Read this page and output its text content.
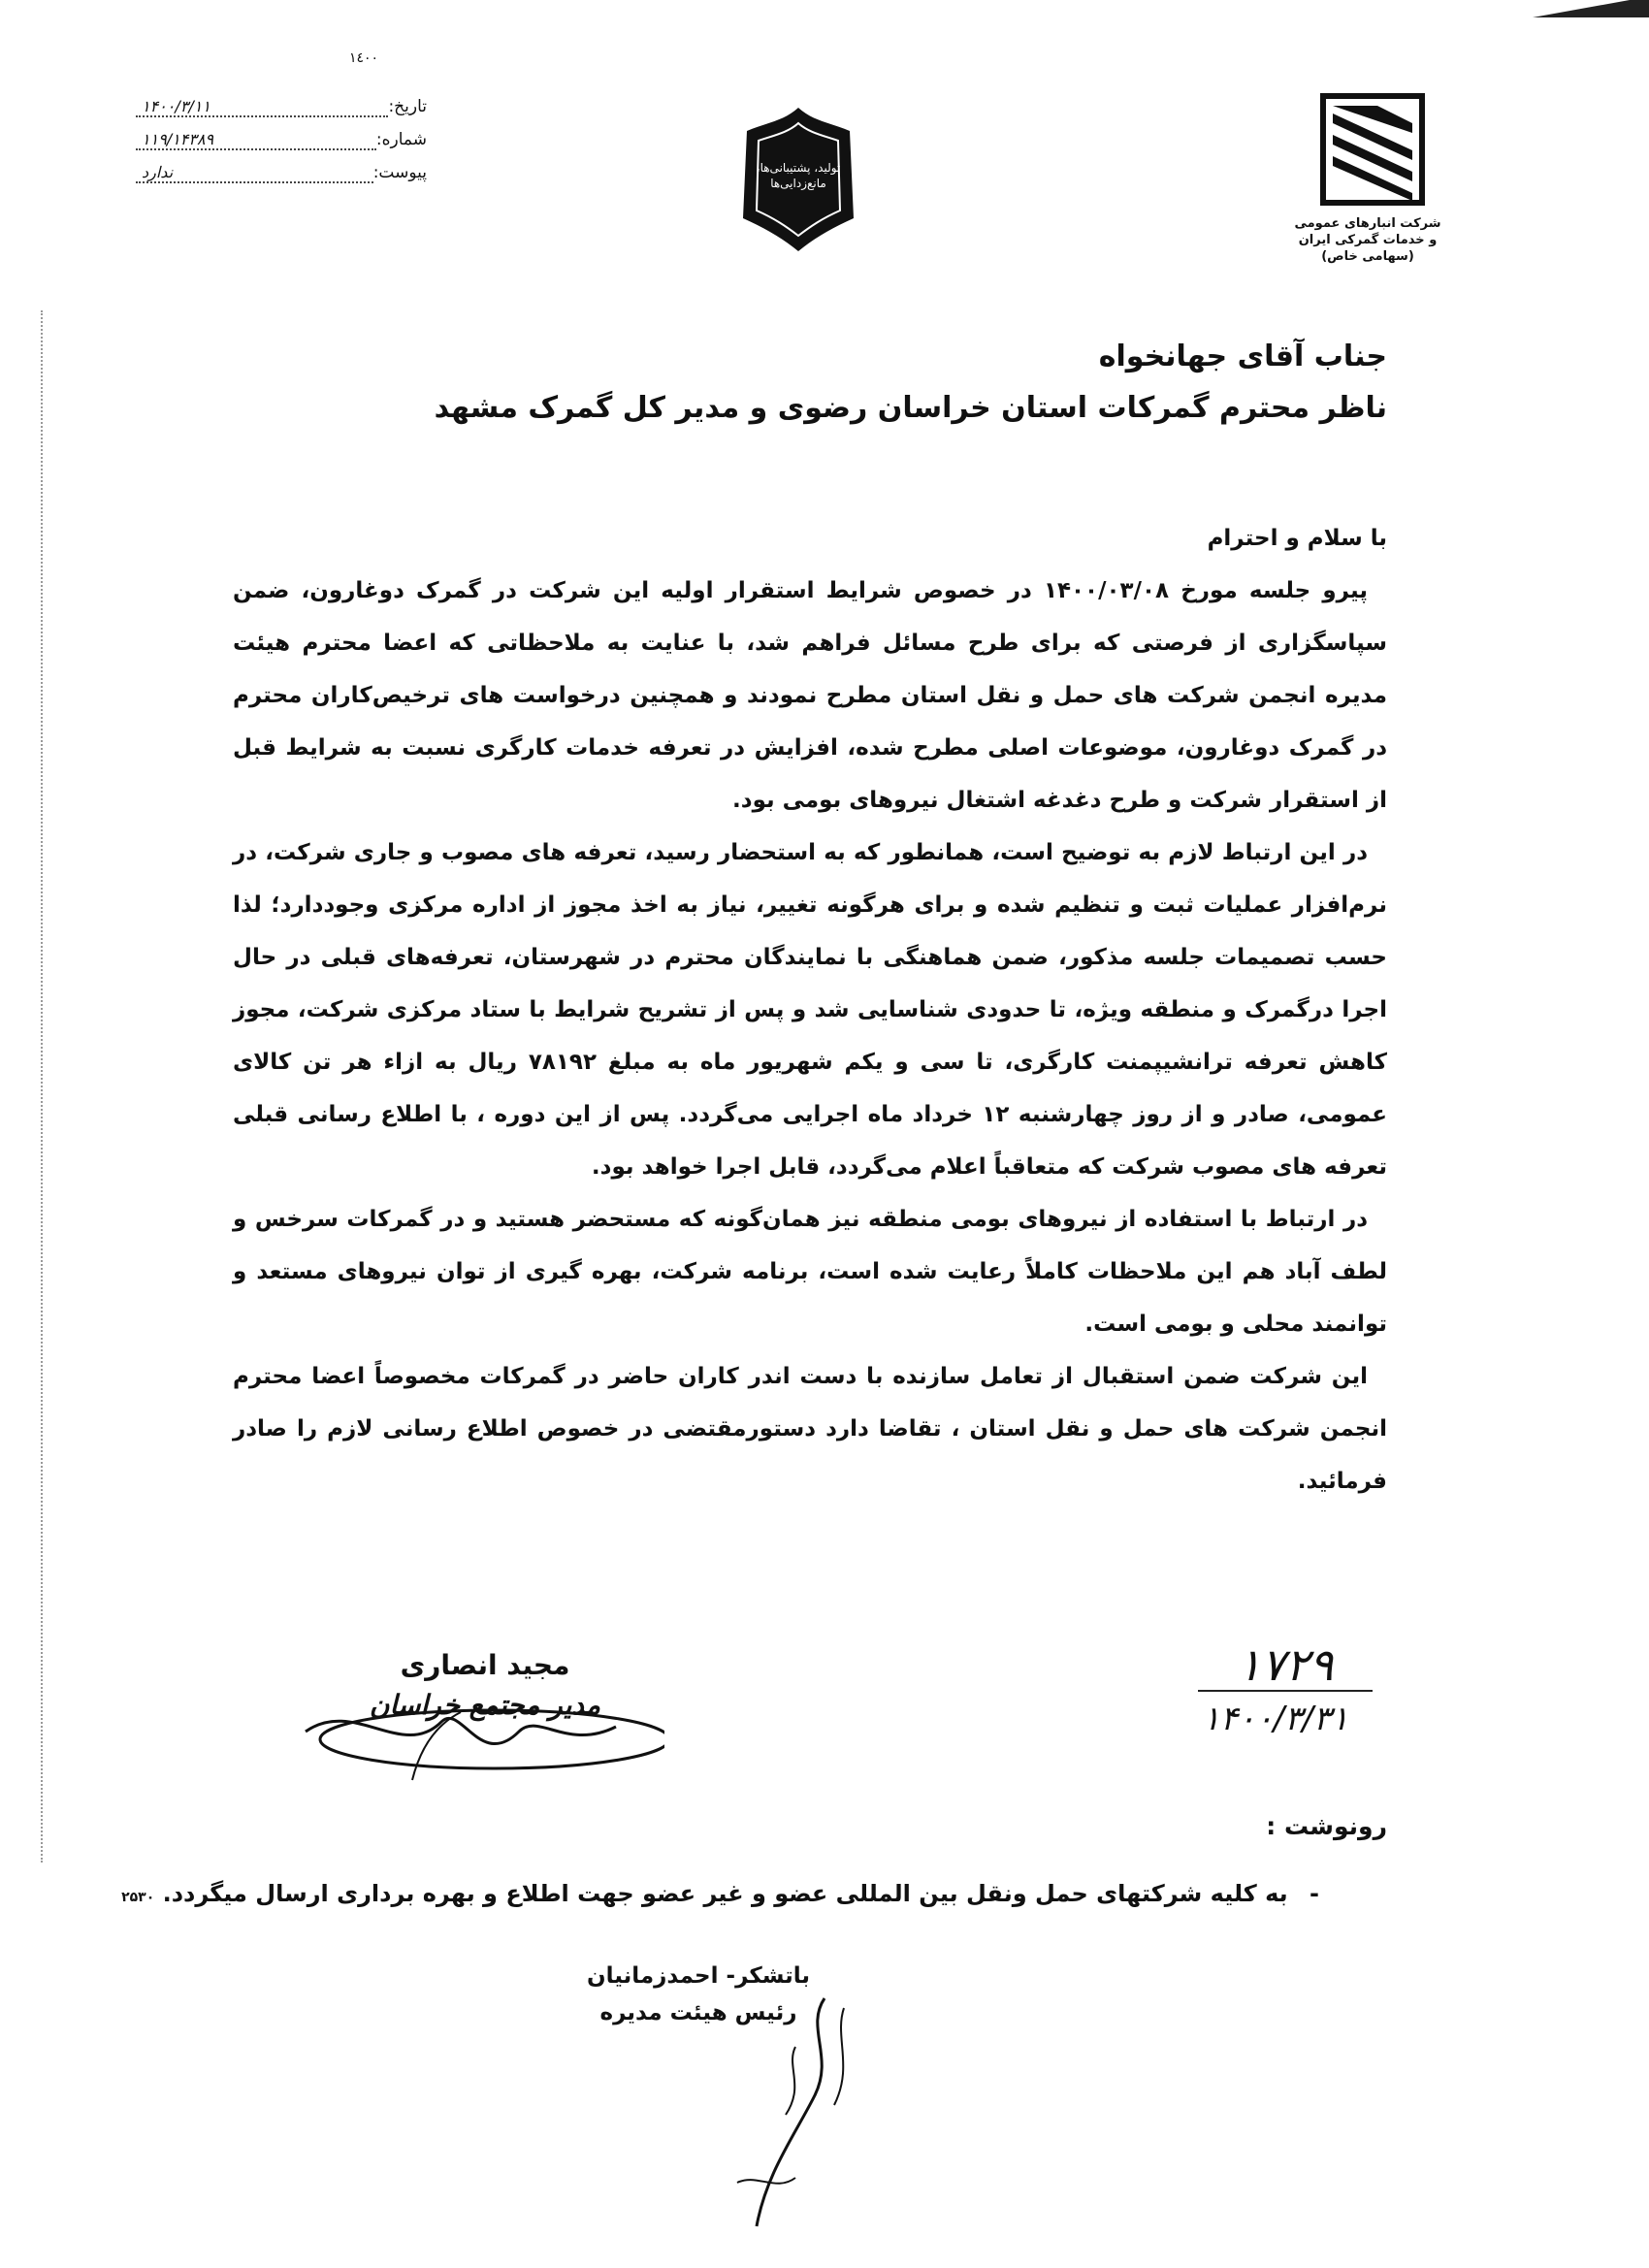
١٤٠٠
شرکت انبارهای عمومی و خدمات گمرکی ایران (سهامی خاص)
تولید، پشتیبانی‌ها، مانع‌زدایی‌ها
تاریخ:
۱۴۰۰/۳/۱۱
شماره:
۱۱۹/۱۴۳۸۹
پیوست:
ندارد

جناب آقای جهانخواه

ناظر محترم گمرکات استان خراسان رضوی و مدیر کل گمرک مشهد

با سلام و احترام

پیرو جلسه مورخ ۱۴۰۰/۰۳/۰۸ در خصوص شرایط استقرار اولیه این شرکت در گمرک دوغارون، ضمن سپاسگزاری از فرصتی که برای طرح مسائل فراهم شد، با عنایت به ملاحظاتی که اعضا محترم هیئت مدیره انجمن شرکت های حمل و نقل استان مطرح نمودند و همچنین درخواست های ترخیص‌کاران محترم در گمرک دوغارون، موضوعات اصلی مطرح شده، افزایش در تعرفه خدمات کارگری نسبت به شرایط قبل از استقرار شرکت و طرح دغدغه اشتغال نیروهای بومی بود.

در این ارتباط لازم به توضیح است، همانطور که به استحضار رسید، تعرفه های مصوب و جاری شرکت، در نرم‌افزار عملیات ثبت و تنظیم شده و برای هرگونه تغییر، نیاز به اخذ مجوز از اداره مرکزی وجوددارد؛ لذا حسب تصمیمات جلسه مذکور، ضمن هماهنگی با نمایندگان محترم در شهرستان، تعرفه‌های قبلی در حال اجرا درگمرک و منطقه ویژه، تا حدودی شناسایی شد و پس از تشریح شرایط با ستاد مرکزی شرکت، مجوز کاهش تعرفه ترانشیپمنت کارگری، تا سی و یکم شهریور ماه به مبلغ ۷۸۱۹۲ ریال به ازاء هر تن کالای عمومی، صادر و از روز چهارشنبه ۱۲ خرداد ماه اجرایی می‌گردد. پس از این دوره ، با اطلاع رسانی قبلی تعرفه های مصوب شرکت که متعاقباً اعلام می‌گردد، قابل اجرا خواهد بود.

در ارتباط با استفاده از نیروهای بومی منطقه نیز همان‌گونه که مستحضر هستید و در گمرکات سرخس و لطف آباد هم این ملاحظات کاملاً رعایت شده است، برنامه شرکت، بهره گیری از توان نیروهای مستعد و توانمند محلی و بومی است.

این شرکت ضمن استقبال از تعامل سازنده با دست اندر کاران حاضر در گمرکات مخصوصاً اعضا محترم انجمن شرکت های حمل و نقل استان ، تقاضا دارد دستورمقتضی در خصوص اطلاع رسانی لازم را صادر فرمائید.

۱۷۲۹
۱۴۰۰/۳/۳۱
مجید انصاری
مدیر مجتمع خراسان
رونوشت :
- به کلیه شرکتهای حمل ونقل بین المللی عضو و غیر عضو جهت اطلاع و بهره برداری ارسال میگردد. ۲۵۳۰
باتشکر- احمدزمانیان
رئیس هیئت مدیره
